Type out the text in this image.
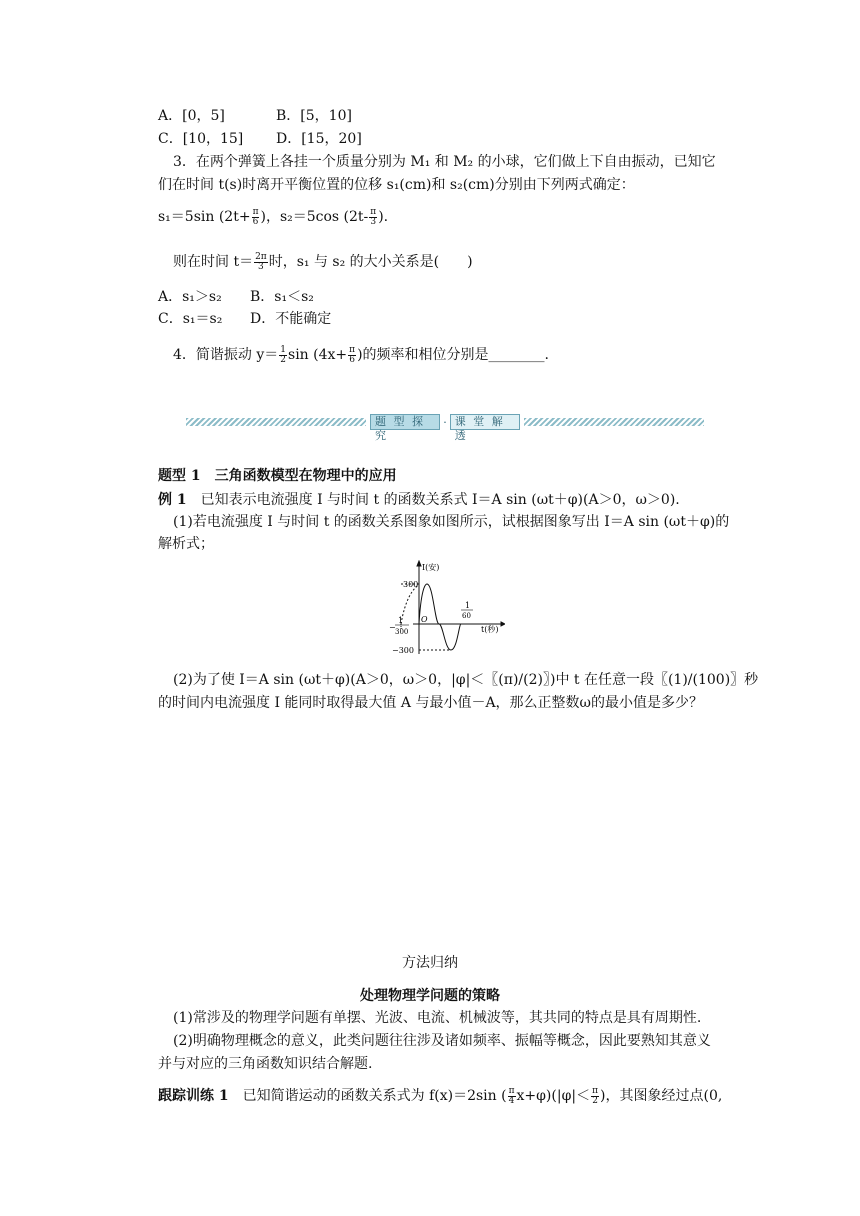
A．[0，5]	B．[5，10]
C．[10，15] D．[15，20]
3．在两个弹簧上各挂一个质量分别为 M₁ 和 M₂ 的小球，它们做上下自由振动，已知它
们在时间 t(s)时离开平衡位置的位移 s₁(cm)和 s₂(cm)分别由下列两式确定：
s₁＝5sin ($2t+ \frac{\pi}{6}$ )，s₂＝5cos ($2t- \frac{\pi}{3}$ ).
则在时间 $t= \frac{2\pi}{3}$ 时，s₁ 与 s₂ 的大小关系是(　　)
A．s₁＞s₂ B．s₁＜s₂
C．s₁＝s₂ D．不能确定
4．简谐振动 $y= \frac{1}{2}$ $\sin (4x+ \frac{\pi}{6}$ )的频率和相位分别是________.
题 型 探 究
· 课 堂 解 透
题型 1　三角函数模型在物理中的应用
例 1　已知表示电流强度 I 与时间 t 的函数关系式 I＝A sin (ωt＋φ)(A＞0，ω＞0).
(1)若电流强度 I 与时间 t 的函数关系图象如图所示，试根据图象写出 I＝A sin (ωt＋φ)的
解析式；
I(安)
300
−300
O
t(秒)
−
1
300
1
60
(2)为了使 I＝A sin (ωt＋φ)(A＞0，ω＞0，|φ|＜〖(π)/(2)〗)中 t 在任意一段〖(1)/(100)〗秒
的时间内电流强度 I 能同时取得最大值 A 与最小值－A，那么正整数ω的最小值是多少？
方法归纳
处理物理学问题的策略
(1)常涉及的物理学问题有单摆、光波、电流、机械波等，其共同的特点是具有周期性.
(2)明确物理概念的意义，此类问题往往涉及诸如频率、振幅等概念，因此要熟知其意义
并与对应的三角函数知识结合解题.
跟踪训练 1　已知简谐运动的函数关系式为 f(x)＝2sin ( $\frac{\pi}{4} x+\varphi)(|\varphi|< \frac{\pi}{2}$ )，其图象经过点(0,
